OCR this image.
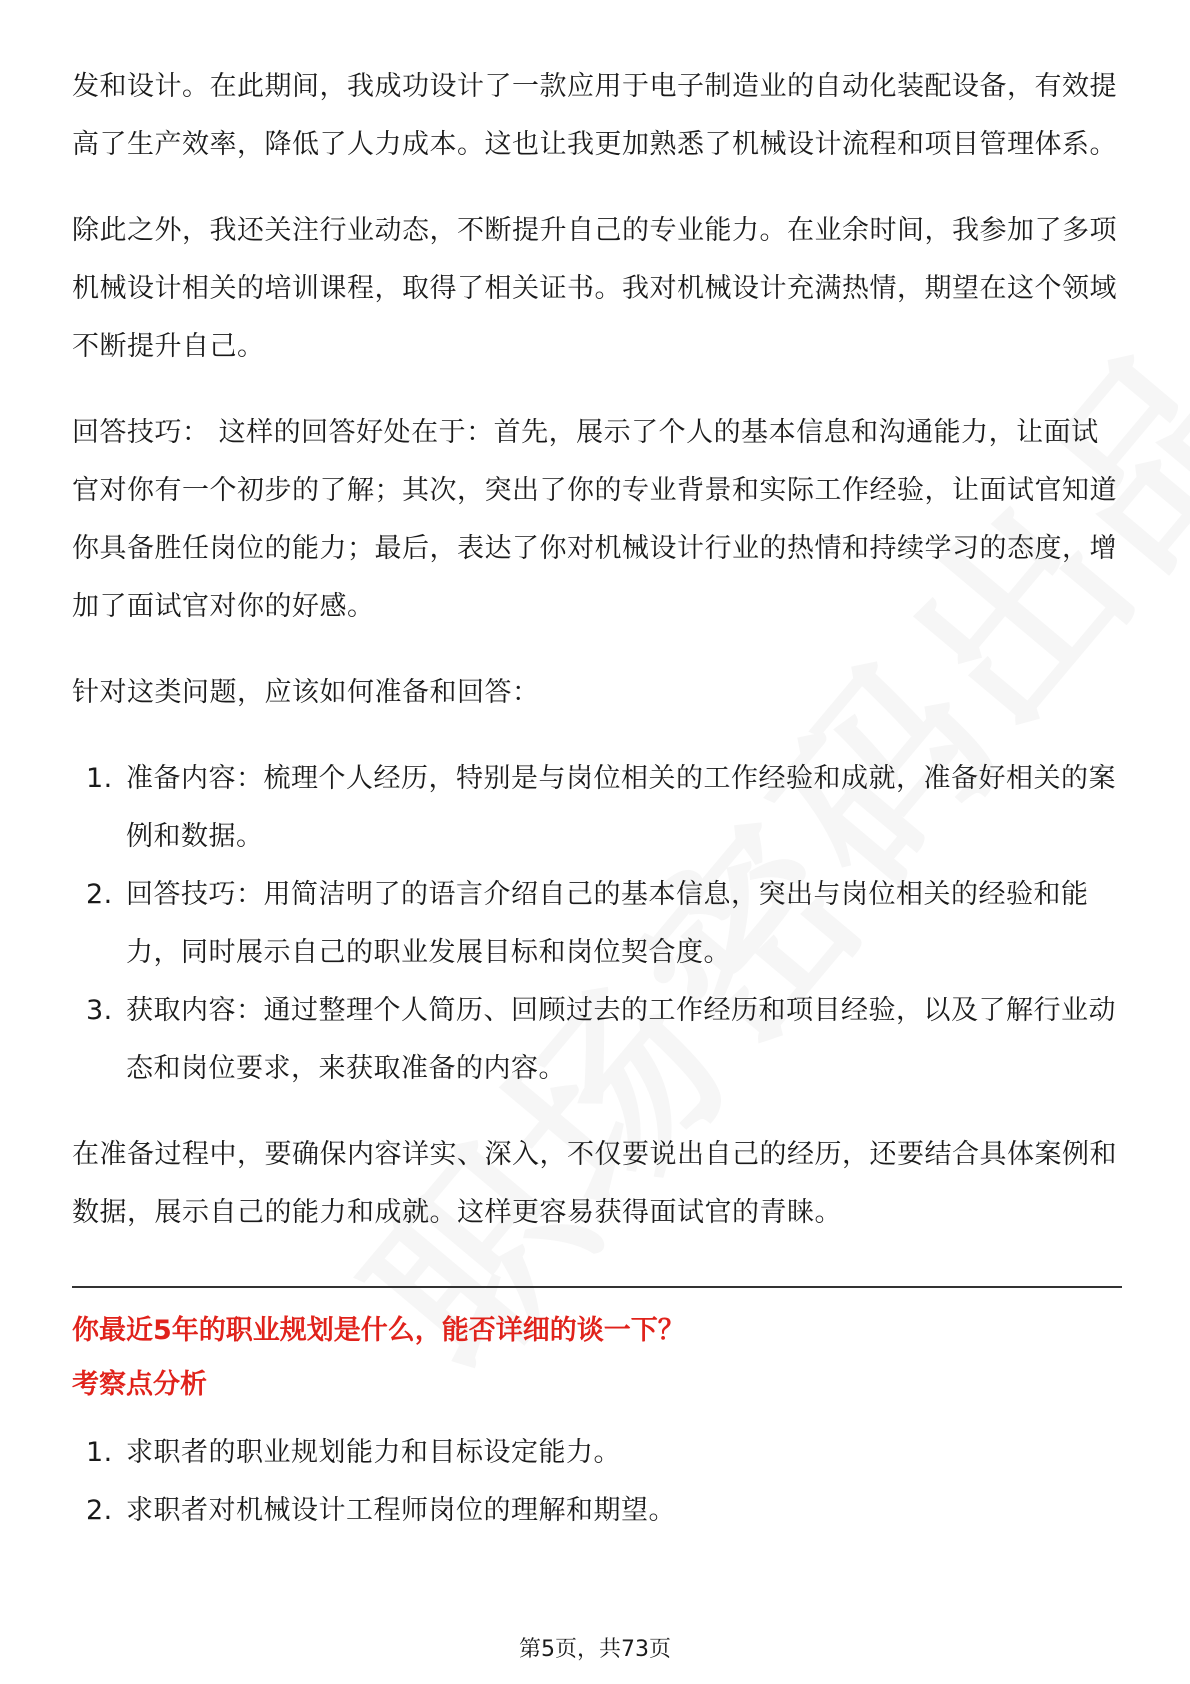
发和设计。在此期间，我成功设计了一款应用于电子制造业的自动化装配设备，有效提高了生产效率，降低了人力成本。这也让我更加熟悉了机械设计流程和项目管理体系。

除此之外，我还关注行业动态，不断提升自己的专业能力。在业余时间，我参加了多项机械设计相关的培训课程，取得了相关证书。我对机械设计充满热情，期望在这个领域不断提升自己。

回答技巧： 这样的回答好处在于：首先，展示了个人的基本信息和沟通能力，让面试官对你有一个初步的了解；其次，突出了你的专业背景和实际工作经验，让面试官知道你具备胜任岗位的能力；最后，表达了你对机械设计行业的热情和持续学习的态度，增加了面试官对你的好感。

针对这类问题，应该如何准备和回答：

1. 准备内容：梳理个人经历，特别是与岗位相关的工作经验和成就，准备好相关的案例和数据。
2. 回答技巧：用简洁明了的语言介绍自己的基本信息，突出与岗位相关的经验和能力，同时展示自己的职业发展目标和岗位契合度。
3. 获取内容：通过整理个人简历、回顾过去的工作经历和项目经验，以及了解行业动态和岗位要求，来获取准备的内容。

在准备过程中，要确保内容详实、深入，不仅要说出自己的经历，还要结合具体案例和数据，展示自己的能力和成就。这样更容易获得面试官的青睐。

你最近5年的职业规划是什么，能否详细的谈一下？

考察点分析

1. 求职者的职业规划能力和目标设定能力。
2. 求职者对机械设计工程师岗位的理解和期望。
第5页，共73页
